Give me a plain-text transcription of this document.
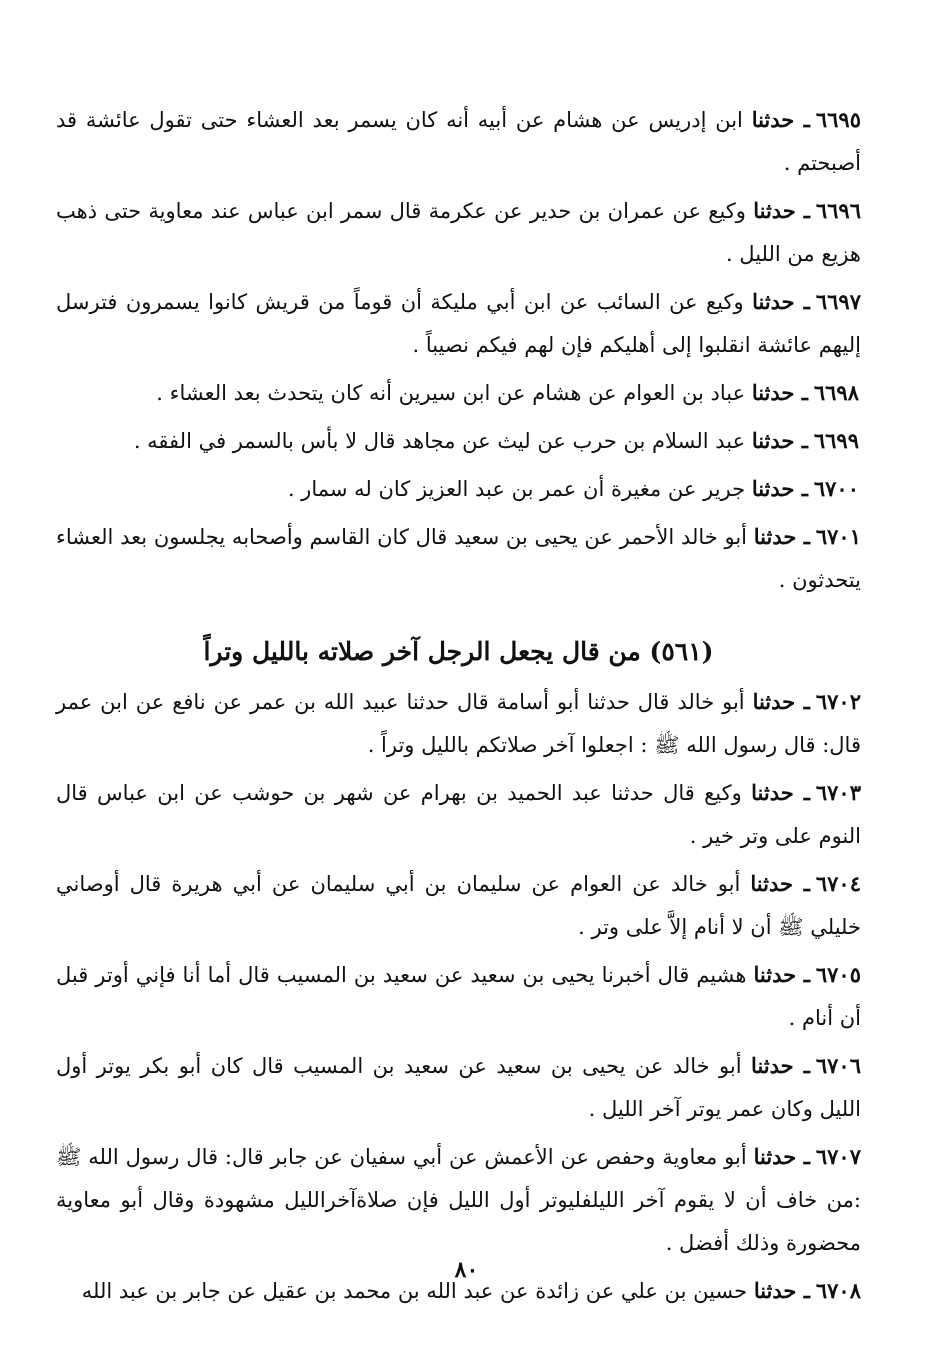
٦٦٩٥ـ حدثنا ابن إدريس عن هشام عن أبيه أنه كان يسمر بعد العشاء حتى تقول عائشة قد أصبحتم .

٦٦٩٦ـ حدثنا وكيع عن عمران بن حدير عن عكرمة قال سمر ابن عباس عند معاوية حتى ذهب هزيع من الليل .

٦٦٩٧ـ حدثنا وكيع عن السائب عن ابن أبي مليكة أن قوماً من قريش كانوا يسمرون فترسل إليهم عائشة انقلبوا إلى أهليكم فإن لهم فيكم نصيباً .

٦٦٩٨ـ حدثنا عباد بن العوام عن هشام عن ابن سيرين أنه كان يتحدث بعد العشاء .

٦٦٩٩ـ حدثنا عبد السلام بن حرب عن ليث عن مجاهد قال لا بأس بالسمر في الفقه .

٦٧٠٠ـ حدثنا جرير عن مغيرة أن عمر بن عبد العزيز كان له سمار .

٦٧٠١ـ حدثنا أبو خالد الأحمر عن يحيى بن سعيد قال كان القاسم وأصحابه يجلسون بعد العشاء يتحدثون .

(٥٦١) من قال يجعل الرجل آخر صلاته بالليل وتراً

٦٧٠٢ـ حدثنا أبو خالد قال حدثنا أبو أسامة قال حدثنا عبيد الله بن عمر عن نافع عن ابن عمر قال: قال رسول الله ﷺ : اجعلوا آخر صلاتكم بالليل وتراً .

٦٧٠٣ـ حدثنا وكيع قال حدثنا عبد الحميد بن بهرام عن شهر بن حوشب عن ابن عباس قال النوم على وتر خير .

٦٧٠٤ـ حدثنا أبو خالد عن العوام عن سليمان بن أبي سليمان عن أبي هريرة قال أوصاني خليلي ﷺ أن لا أنام إلاَّ على وتر .

٦٧٠٥ـ حدثنا هشيم قال أخبرنا يحيى بن سعيد عن سعيد بن المسيب قال أما أنا فإني أوتر قبل أن أنام .

٦٧٠٦ـ حدثنا أبو خالد عن يحيى بن سعيد عن سعيد بن المسيب قال كان أبو بكر يوتر أول الليل وكان عمر يوتر آخر الليل .

٦٧٠٧ـ حدثنا أبو معاوية وحفص عن الأعمش عن أبي سفيان عن جابر قال: قال رسول الله ﷺ :من خاف أن لا يقوم آخر الليلفليوتر أول الليل فإن صلاةآخرالليل مشهودة وقال أبو معاوية محضورة وذلك أفضل .

٦٧٠٨ـ حدثنا حسين بن علي عن زائدة عن عبد الله بن محمد بن عقيل عن جابر بن عبد الله

٨٠
